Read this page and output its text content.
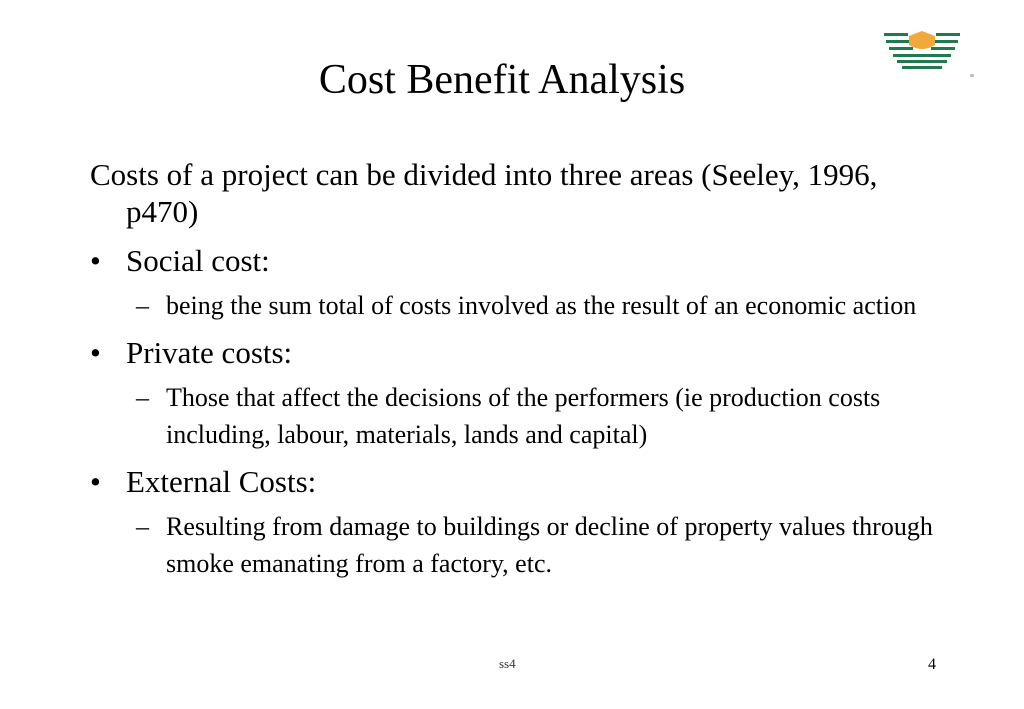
Cost Benefit Analysis

Costs of a project can be divided into three areas (Seeley, 1996, p470)

• Social cost:
– being the sum total of costs involved as the result of an economic action
• Private costs:
– Those that affect the decisions of the performers (ie production costs including, labour, materials, lands and capital)
• External Costs:
– Resulting from damage to buildings or decline of property values through smoke emanating from a factory, etc.
ss4	4
